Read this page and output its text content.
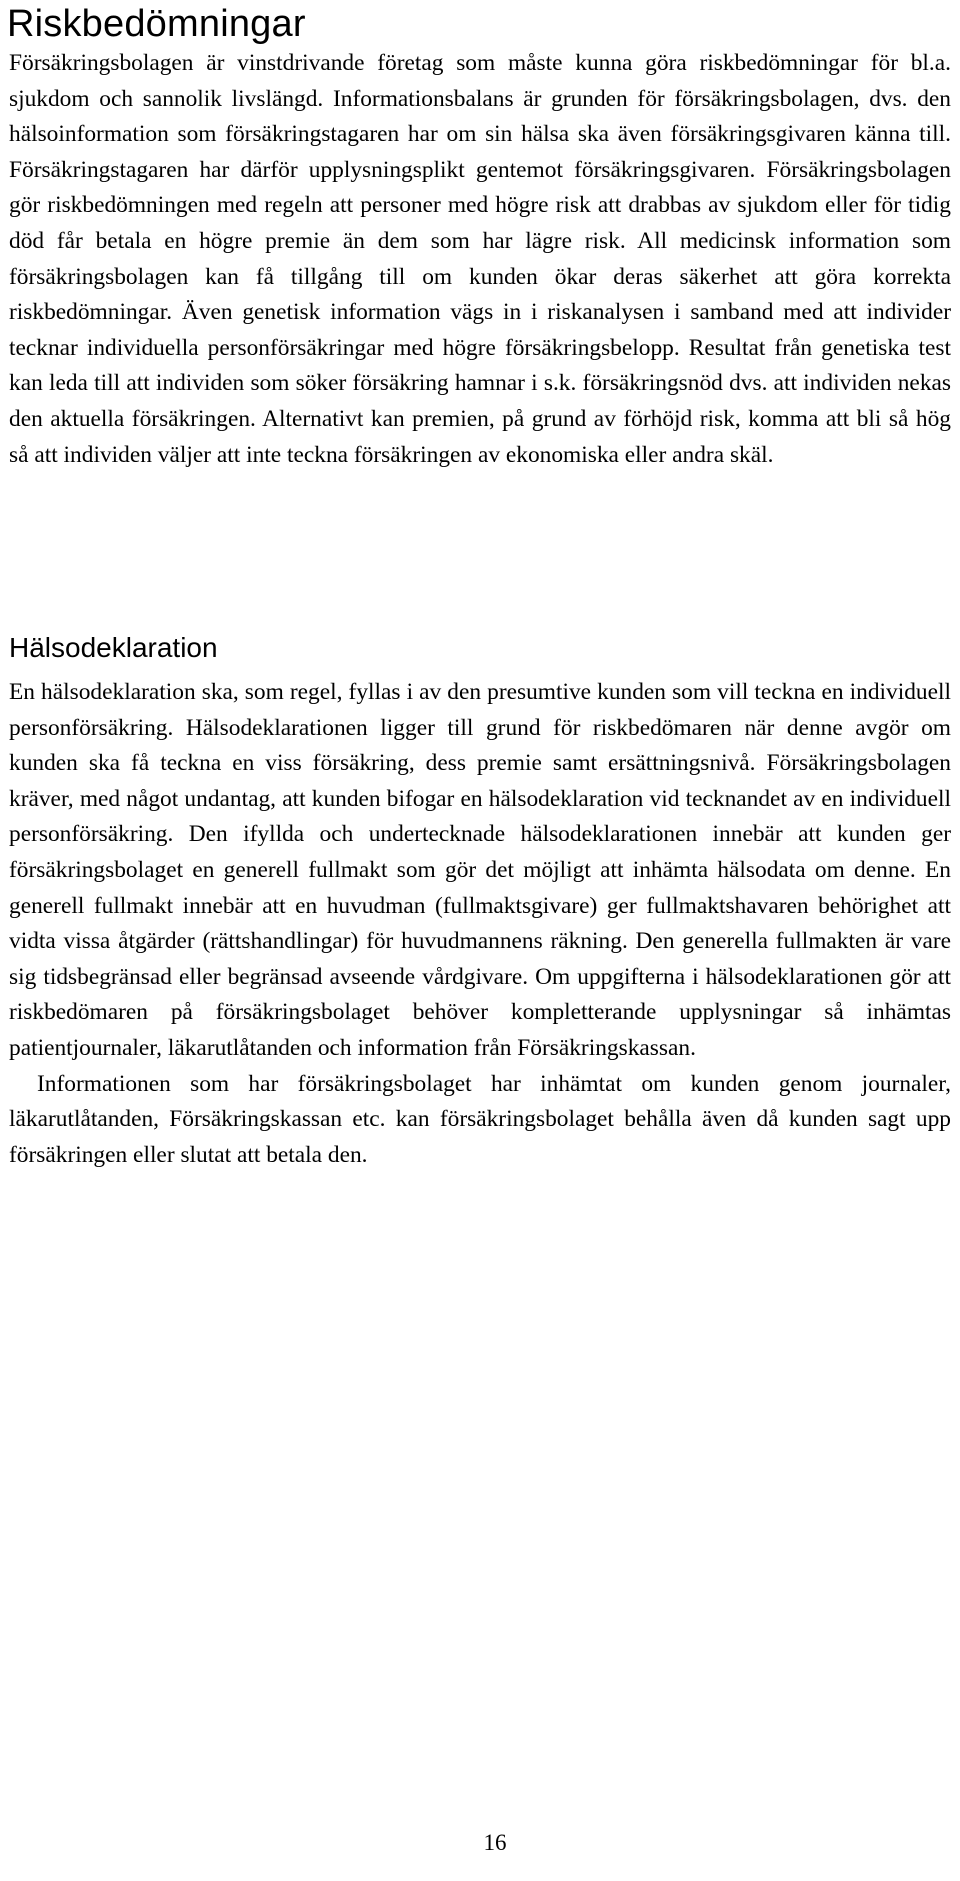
Riskbedömningar

Försäkringsbolagen är vinstdrivande företag som måste kunna göra riskbedömningar för bl.a. sjukdom och sannolik livslängd. Informationsbalans är grunden för försäkringsbolagen, dvs. den hälsoinformation som försäkringstagaren har om sin hälsa ska även försäkringsgivaren känna till. Försäkringstagaren har därför upplysningsplikt gentemot försäkringsgivaren. Försäkringsbolagen gör riskbedömningen med regeln att personer med högre risk att drabbas av sjukdom eller för tidig död får betala en högre premie än dem som har lägre risk. All medicinsk information som försäkringsbolagen kan få tillgång till om kunden ökar deras säkerhet att göra korrekta riskbedömningar. Även genetisk information vägs in i riskanalysen i samband med att individer tecknar individuella personförsäkringar med högre försäkringsbelopp. Resultat från genetiska test kan leda till att individen som söker försäkring hamnar i s.k. försäkringsnöd dvs. att individen nekas den aktuella försäkringen. Alternativt kan premien, på grund av förhöjd risk, komma att bli så hög så att individen väljer att inte teckna försäkringen av ekonomiska eller andra skäl.

Hälsodeklaration

En hälsodeklaration ska, som regel, fyllas i av den presumtive kunden som vill teckna en individuell personförsäkring. Hälsodeklarationen ligger till grund för riskbedömaren när denne avgör om kunden ska få teckna en viss försäkring, dess premie samt ersättningsnivå. Försäkringsbolagen kräver, med något undantag, att kunden bifogar en hälsodeklaration vid tecknandet av en individuell personförsäkring. Den ifyllda och undertecknade hälsodeklarationen innebär att kunden ger försäkringsbolaget en generell fullmakt som gör det möjligt att inhämta hälsodata om denne. En generell fullmakt innebär att en huvudman (fullmaktsgivare) ger fullmaktshavaren behörighet att vidta vissa åtgärder (rättshandlingar) för huvudmannens räkning. Den generella fullmakten är vare sig tidsbegränsad eller begränsad avseende vårdgivare. Om uppgifterna i hälsodeklarationen gör att riskbedömaren på försäkringsbolaget behöver kompletterande upplysningar så inhämtas patientjournaler, läkarutlåtanden och information från Försäkringskassan.

Informationen som har försäkringsbolaget har inhämtat om kunden genom journaler, läkarutlåtanden, Försäkringskassan etc. kan försäkringsbolaget behålla även då kunden sagt upp försäkringen eller slutat att betala den.

16
